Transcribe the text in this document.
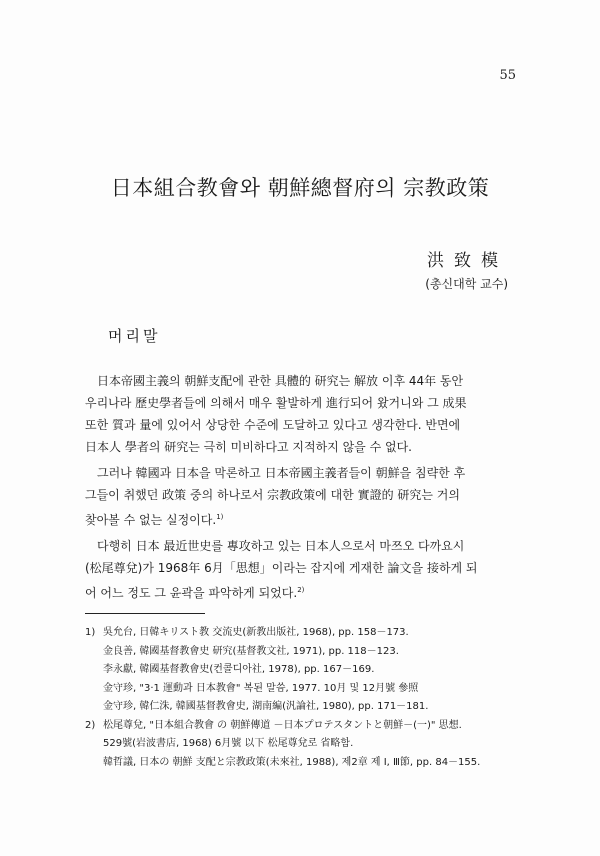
55
日本組合教會와 朝鮮總督府의 宗教政策
洪致模
(총신대학 교수)
머리말

日本帝國主義의 朝鮮支配에 관한 具體的 研究는 解放 이후 44年 동안
우리나라 歷史學者들에 의해서 매우 활발하게 進行되어 왔거니와 그 成果
또한 質과 量에 있어서 상당한 수준에 도달하고 있다고 생각한다. 반면에
日本人 學者의 研究는 극히 미비하다고 지적하지 않을 수 없다.

그러나 韓國과 日本을 막론하고 日本帝國主義者들이 朝鮮을 침략한 후
그들이 취했던 政策 중의 하나로서 宗教政策에 대한 實證的 研究는 거의
찾아볼 수 없는 실정이다.$^{1)}$

다행히 日本 最近世史를 專攻하고 있는 日本人으로서 마쯔오 다까요시
(松尾尊兌)가 1968年 6月「思想」이라는 잡지에 게재한 論文을 接하게 되
어 어느 정도 그 윤곽을 파악하게 되었다.$^{2)}$

1) 吳允台, 日韓キリスト教 交流史(新教出版社, 1968), pp. 158－173.
金良善, 韓國基督教會史 研究(基督教文社, 1971), pp. 118－123.
李永獻, 韓國基督教會史(컨콜디아社, 1978), pp. 167－169.
金守珍, "3·1 運動과 日本教會" 복된 말씀, 1977. 10月 및 12月號 參照
金守珍, 韓仁洙, 韓國基督教會史, 湖南編(汎論社, 1980), pp. 171－181.
2) 松尾尊兌, "日本組合教會 の 朝鮮傳道 －日本プロテスタントと朝鮮－(一)" 思想.
529號(岩波書店, 1968) 6月號 以下 松尾尊兌로 省略함.
韓哲議, 日本の 朝鮮 支配と宗教政策(未來社, 1988), 제2章 제 Ⅰ, Ⅲ節, pp. 84－155.
